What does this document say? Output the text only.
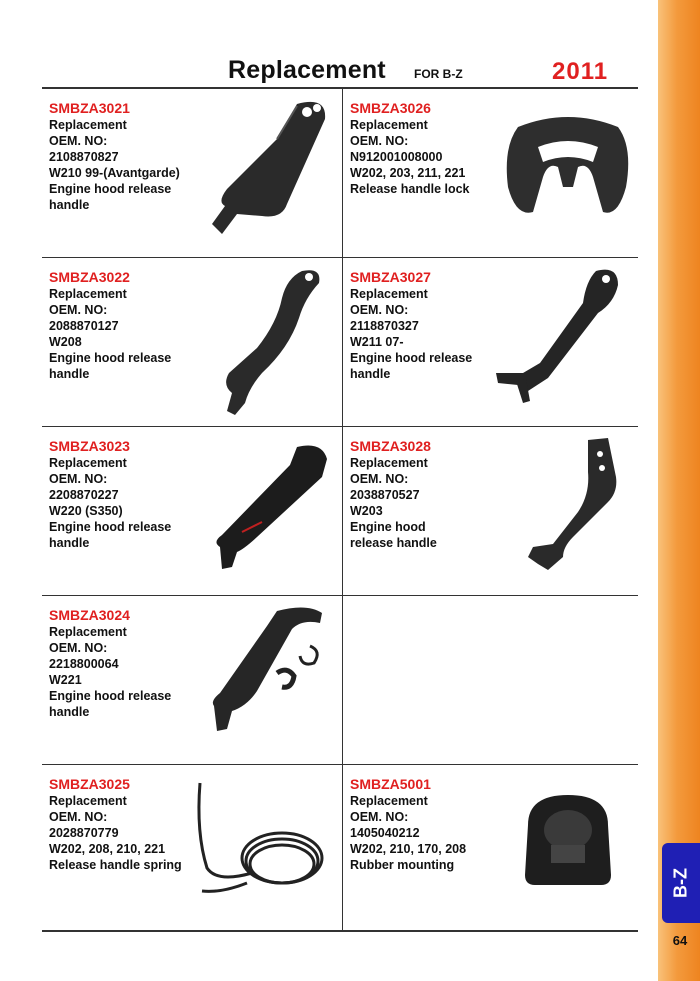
B-Z
64
Replacement FOR B-Z	2011
SMBZA3021
Replacement
OEM. NO:
2108870827
W210 99-(Avantgarde)
Engine hood release
handle
SMBZA3026
Replacement
OEM. NO:
N912001008000
W202, 203, 211, 221
Release handle lock
SMBZA3022
Replacement
OEM. NO:
2088870127
W208
Engine hood release
handle
SMBZA3027
Replacement
OEM. NO:
2118870327
W211 07-
Engine hood release
handle
SMBZA3023
Replacement
OEM. NO:
2208870227
W220 (S350)
Engine hood release
handle
SMBZA3028
Replacement
OEM. NO:
2038870527
W203
Engine hood
release handle
SMBZA3024
Replacement
OEM. NO:
2218800064
W221
Engine hood release
handle
SMBZA3025
Replacement
OEM. NO:
2028870779
W202, 208, 210, 221
Release handle spring
SMBZA5001
Replacement
OEM. NO:
1405040212
W202, 210, 170, 208
Rubber mounting
